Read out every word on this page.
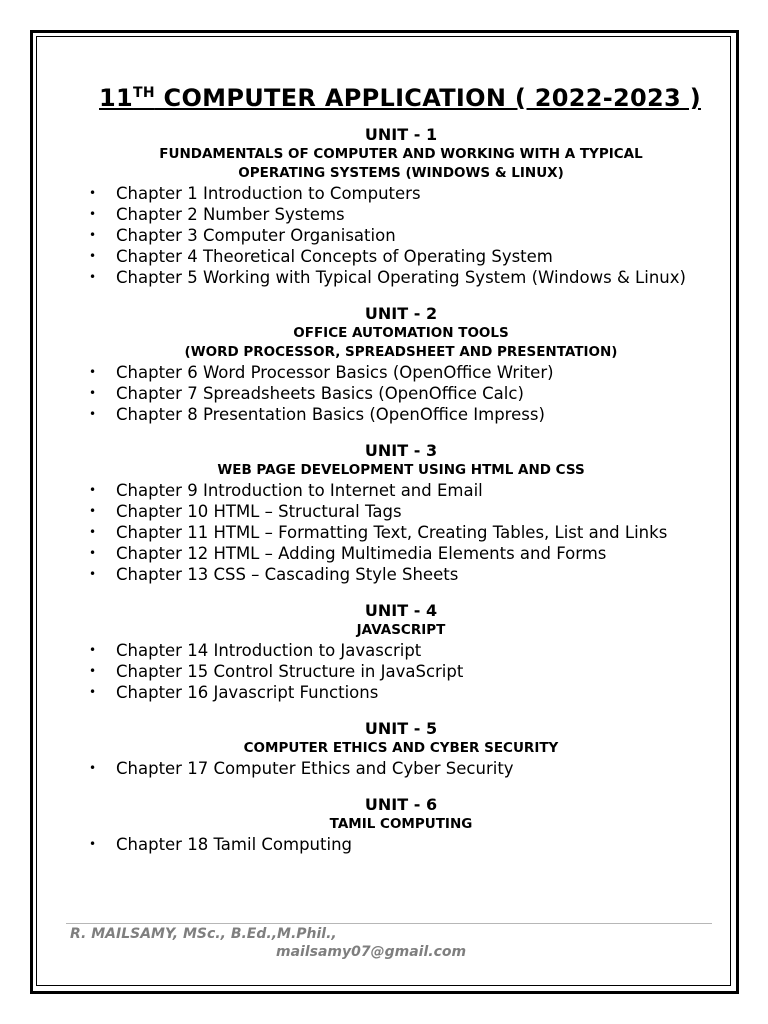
11TH COMPUTER APPLICATION ( 2022-2023 )
UNIT - 1
FUNDAMENTALS OF COMPUTER AND WORKING WITH A TYPICAL
OPERATING SYSTEMS (WINDOWS & LINUX)
• Chapter 1 Introduction to Computers
• Chapter 2 Number Systems
• Chapter 3 Computer Organisation
• Chapter 4 Theoretical Concepts of Operating System
• Chapter 5 Working with Typical Operating System (Windows & Linux)
UNIT - 2
OFFICE AUTOMATION TOOLS
(WORD PROCESSOR, SPREADSHEET AND PRESENTATION)
• Chapter 6 Word Processor Basics (OpenOffice Writer)
• Chapter 7 Spreadsheets Basics (OpenOffice Calc)
• Chapter 8 Presentation Basics (OpenOffice Impress)
UNIT - 3
WEB PAGE DEVELOPMENT USING HTML AND CSS
• Chapter 9 Introduction to Internet and Email
• Chapter 10 HTML – Structural Tags
• Chapter 11 HTML – Formatting Text, Creating Tables, List and Links
• Chapter 12 HTML – Adding Multimedia Elements and Forms
• Chapter 13 CSS – Cascading Style Sheets
UNIT - 4
JAVASCRIPT
• Chapter 14 Introduction to Javascript
• Chapter 15 Control Structure in JavaScript
• Chapter 16 Javascript Functions
UNIT - 5
COMPUTER ETHICS AND CYBER SECURITY
• Chapter 17 Computer Ethics and Cyber Security
UNIT - 6
TAMIL COMPUTING
• Chapter 18 Tamil Computing
R. MAILSAMY, MSc., B.Ed.,M.Phil.,
mailsamy07@gmail.com
